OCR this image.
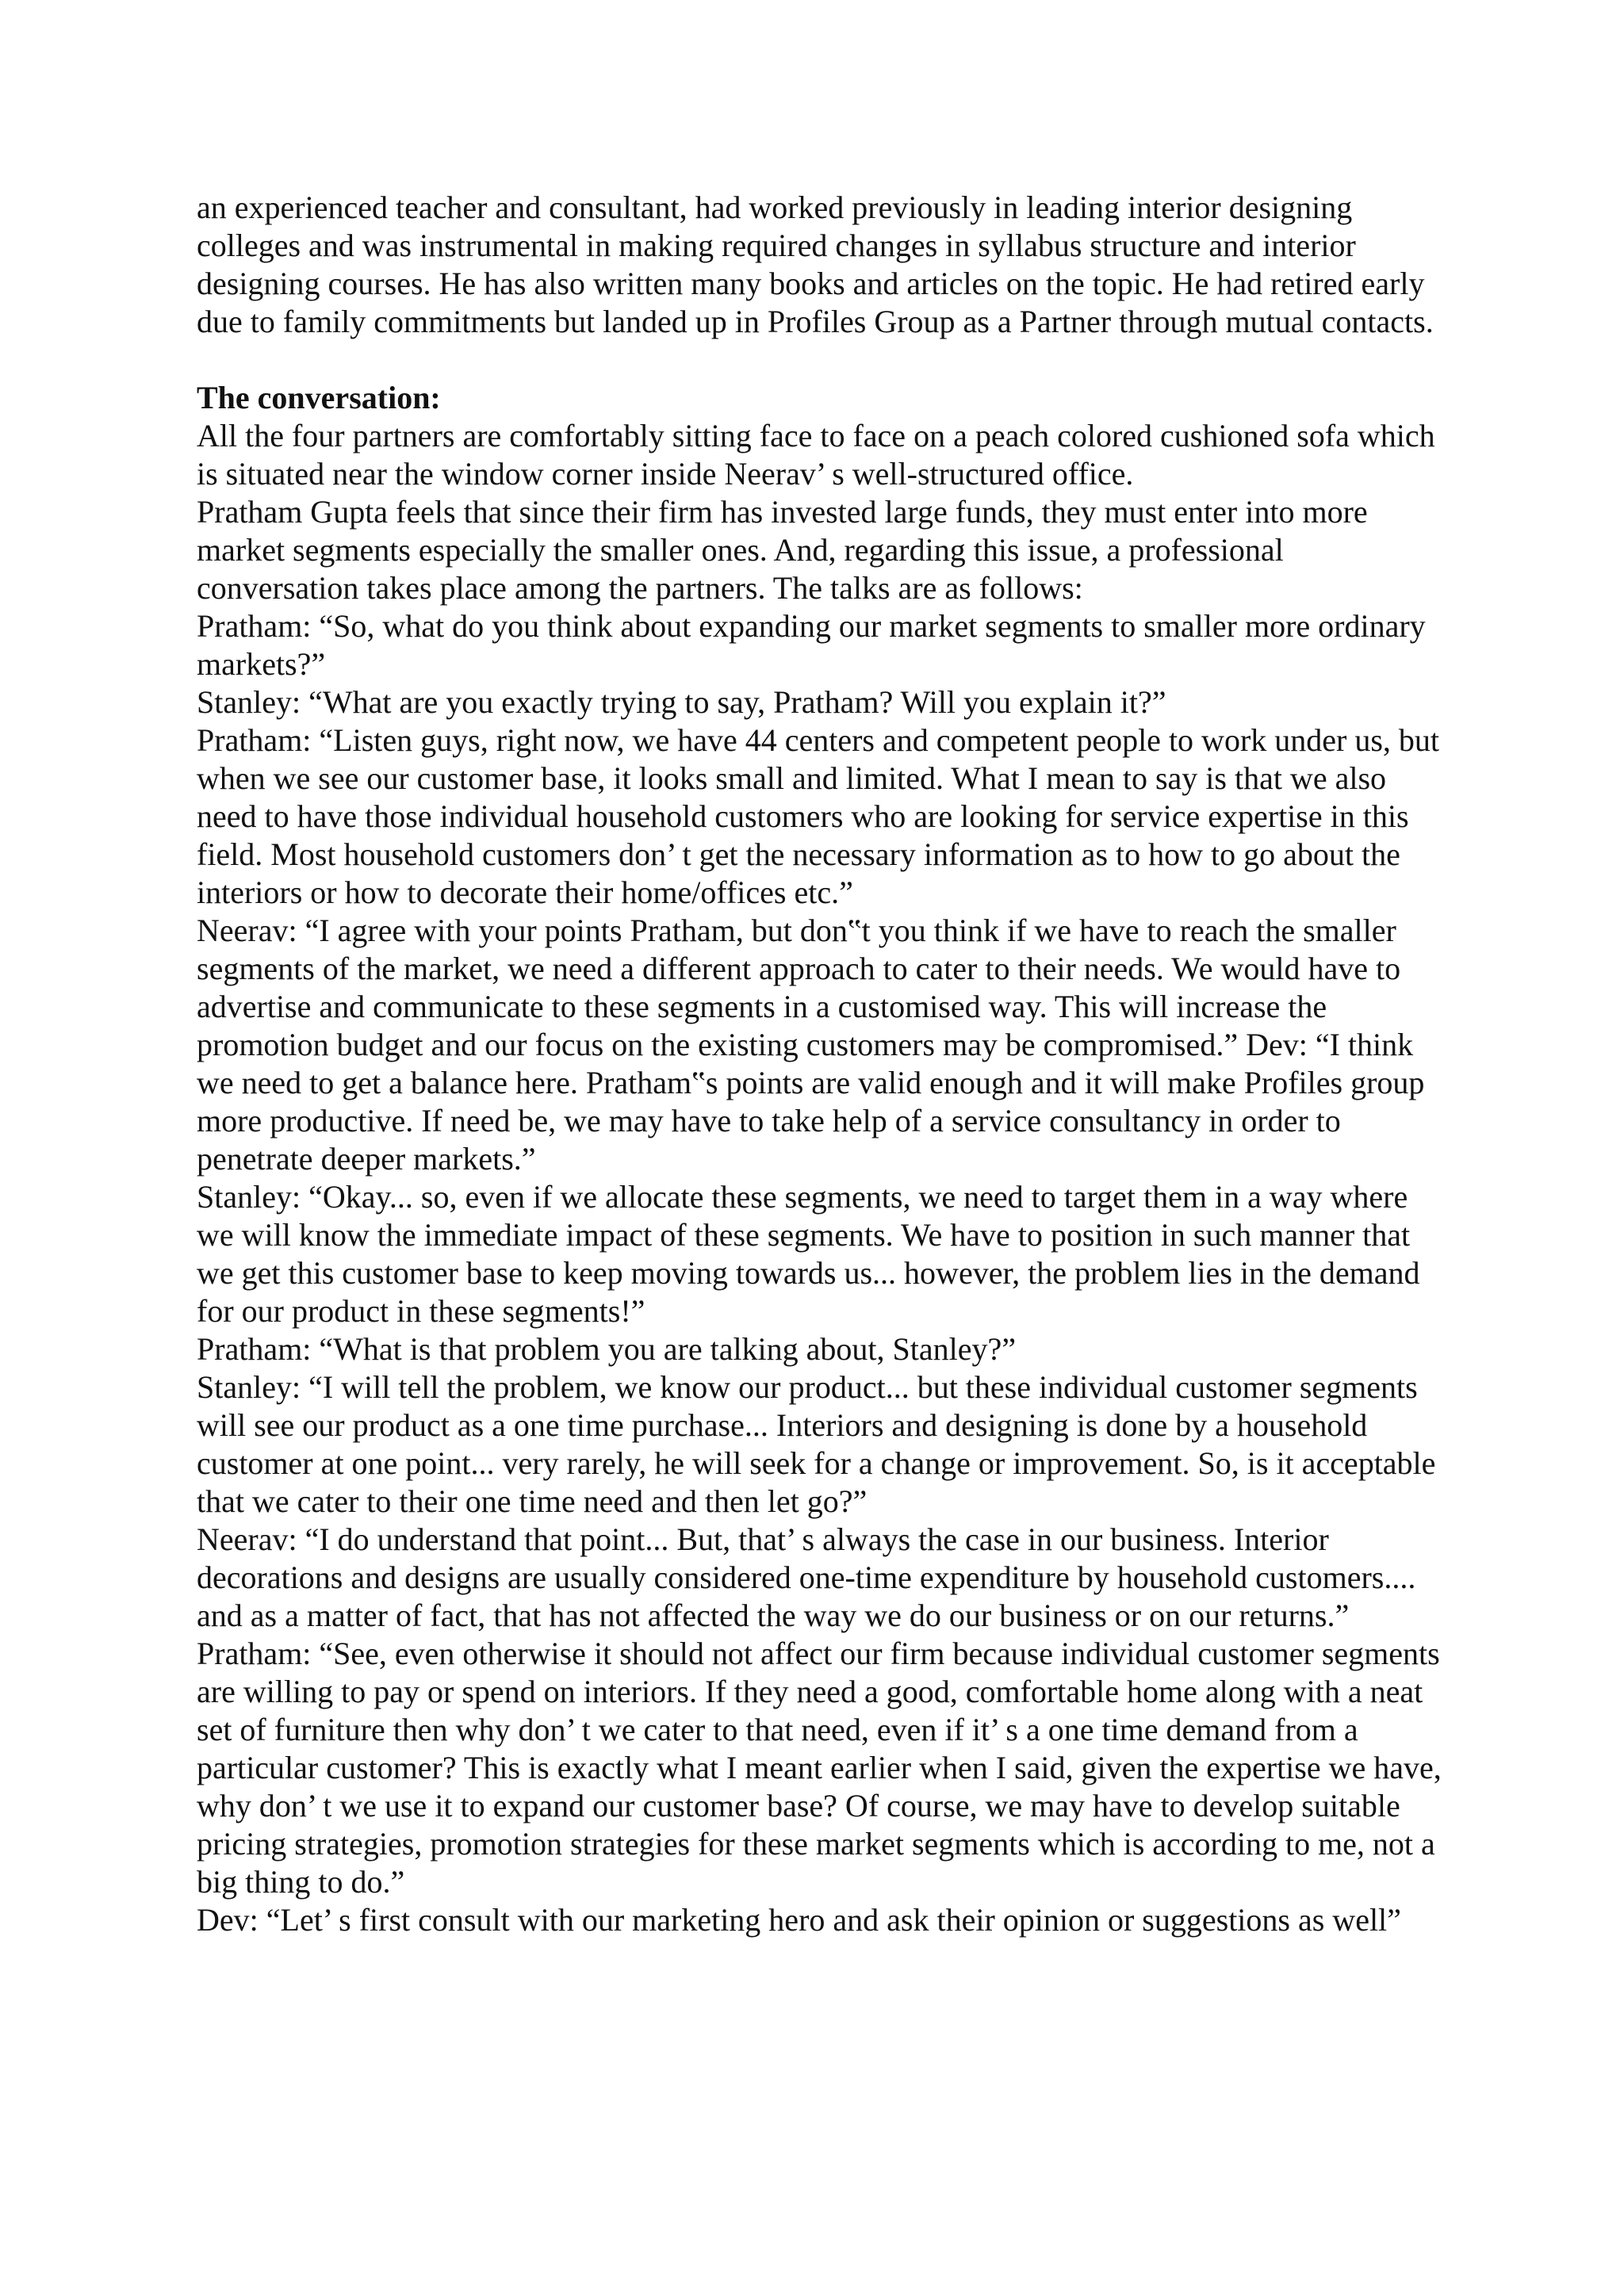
an experienced teacher and consultant, had worked previously in leading interior designing colleges and was instrumental in making required changes in syllabus structure and interior designing courses. He has also written many books and articles on the topic. He had retired early due to family commitments but landed up in Profiles Group as a Partner through mutual contacts.

The conversation:

All the four partners are comfortably sitting face to face on a peach colored cushioned sofa which is situated near the window corner inside Neerav’ s well-structured office.

Pratham Gupta feels that since their firm has invested large funds, they must enter into more market segments especially the smaller ones. And, regarding this issue, a professional conversation takes place among the partners. The talks are as follows:

Pratham: “So, what do you think about expanding our market segments to smaller more ordinary markets?”

Stanley: “What are you exactly trying to say, Pratham? Will you explain it?”

Pratham: “Listen guys, right now, we have 44 centers and competent people to work under us, but when we see our customer base, it looks small and limited. What I mean to say is that we also need to have those individual household customers who are looking for service expertise in this field. Most household customers don’ t get the necessary information as to how to go about the interiors or how to decorate their home/offices etc.”

Neerav: “I agree with your points Pratham, but don‟t you think if we have to reach the smaller segments of the market, we need a different approach to cater to their needs. We would have to advertise and communicate to these segments in a customised way. This will increase the promotion budget and our focus on the existing customers may be compromised.” Dev: “I think we need to get a balance here. Pratham‟s points are valid enough and it will make Profiles group more productive. If need be, we may have to take help of a service consultancy in order to penetrate deeper markets.”

Stanley: “Okay... so, even if we allocate these segments, we need to target them in a way where we will know the immediate impact of these segments. We have to position in such manner that we get this customer base to keep moving towards us... however, the problem lies in the demand for our product in these segments!”

Pratham: “What is that problem you are talking about, Stanley?”

Stanley: “I will tell the problem, we know our product... but these individual customer segments will see our product as a one time purchase... Interiors and designing is done by a household customer at one point... very rarely, he will seek for a change or improvement. So, is it acceptable that we cater to their one time need and then let go?”

Neerav: “I do understand that point... But, that’ s always the case in our business. Interior decorations and designs are usually considered one-time expenditure by household customers.... and as a matter of fact, that has not affected the way we do our business or on our returns.”

Pratham: “See, even otherwise it should not affect our firm because individual customer segments are willing to pay or spend on interiors. If they need a good, comfortable home along with a neat set of furniture then why don’ t we cater to that need, even if it’ s a one time demand from a particular customer? This is exactly what I meant earlier when I said, given the expertise we have, why don’ t we use it to expand our customer base? Of course, we may have to develop suitable pricing strategies, promotion strategies for these market segments which is according to me, not a big thing to do.”

Dev: “Let’ s first consult with our marketing hero and ask their opinion or suggestions as well”
